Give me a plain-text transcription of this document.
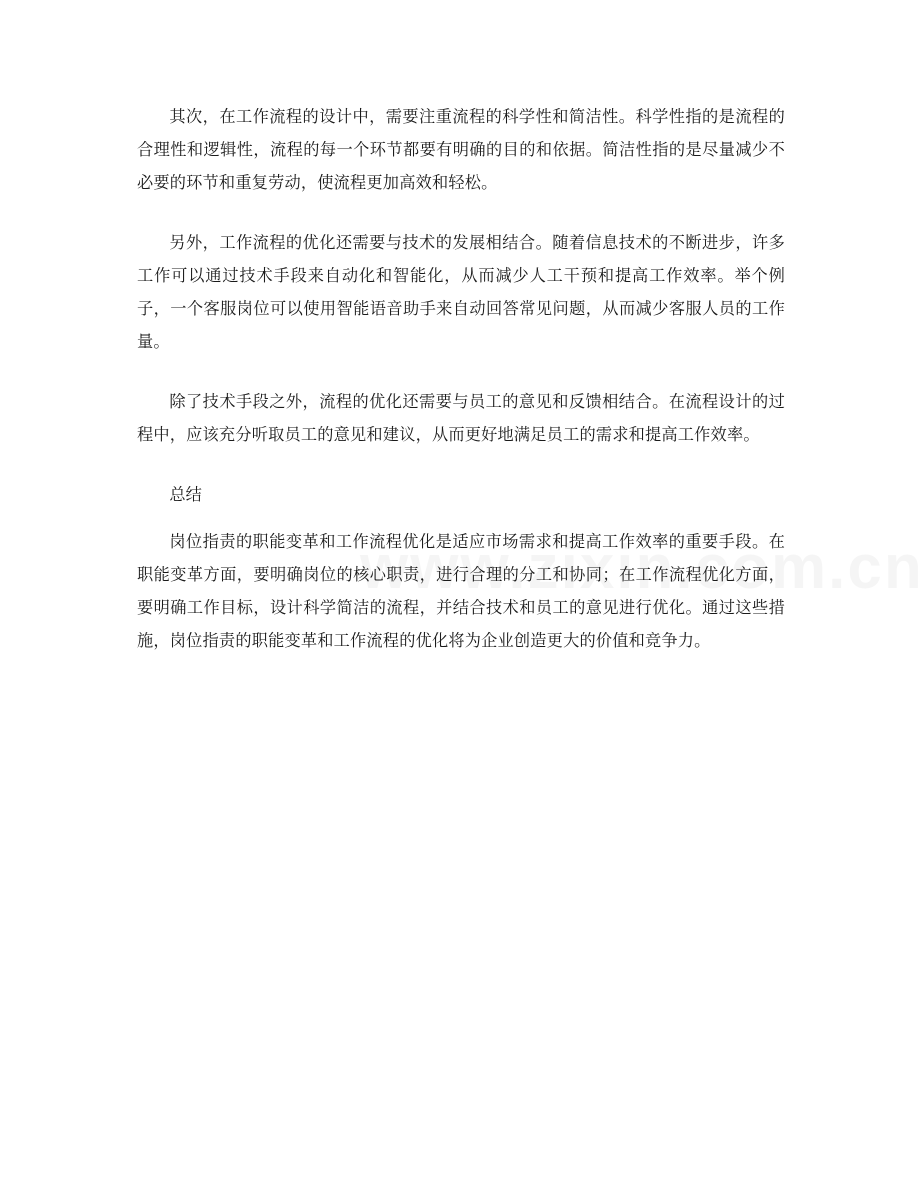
其次，在工作流程的设计中，需要注重流程的科学性和简洁性。科学性指的是流程的合理性和逻辑性，流程的每一个环节都要有明确的目的和依据。简洁性指的是尽量减少不必要的环节和重复劳动，使流程更加高效和轻松。

另外，工作流程的优化还需要与技术的发展相结合。随着信息技术的不断进步，许多工作可以通过技术手段来自动化和智能化，从而减少人工干预和提高工作效率。举个例子，一个客服岗位可以使用智能语音助手来自动回答常见问题，从而减少客服人员的工作量。

除了技术手段之外，流程的优化还需要与员工的意见和反馈相结合。在流程设计的过程中，应该充分听取员工的意见和建议，从而更好地满足员工的需求和提高工作效率。

总结

岗位指责的职能变革和工作流程优化是适应市场需求和提高工作效率的重要手段。在职能变革方面，要明确岗位的核心职责，进行合理的分工和协同；在工作流程优化方面，要明确工作目标，设计科学简洁的流程，并结合技术和员工的意见进行优化。通过这些措施，岗位指责的职能变革和工作流程的优化将为企业创造更大的价值和竞争力。
